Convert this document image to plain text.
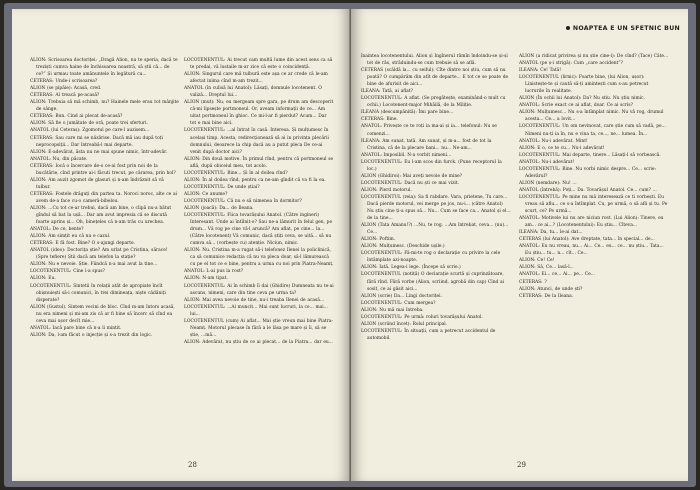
ALION: Scrisoarea doctoriței: „Dragă Alion, nu te speria, dacă te treziști cumva haine de închisoarea noastră, să știi că... de ce?” Și urmau toate amănuntele în legătură cu...

CETERAS: Unde-i scrisoarea?

ALION (se pipăie): Acasă, cred.

CETERAS: Al treacă pe-acasă?

ALION: Trebuia să mă schimb, nu? Hainele mele erau tot mânjite de sânge.

CETERAS: Bun. Cind ai plecat de-acasă?

ALION: Să fie o jumătate de oră, poate trei sferturi.

ANATOL (lui Ceteraș): Zgomotul pe care-l auzisem...

CETERAS: Sau care mi se năzărise. Dacă mă iau după toți neprocopsiții... Dar întreabă-l mai departe.

ALION: E-adevărat, ăsta nu ne mai spune nimic, într-adevăr.

ANATOL: Nu, din păcate.

CETERAS: Iocă o încercare de-o ce-ai fost prin noi de la bucătărie, cînd printre ai-i făcuti trecut, pe cărarea, prin hol?

ALION: Am auzit zgomot de glasuri și n-am îndrăznit să vă tulbur.

CETERAS: Fostele drăguți din partea ta. Noroci noroc, alte ce ai avem de-a face cu-o cameră-bibelou.

ALION: ...Cu tot ce-ar trebui, dacă am bine, o clipă nu-a bătut gîndul să bat la ușă... Dar am avut impresia că se discută foarte aprins și... Oh, binețeles că n-am trăs cu urechea.

ANATOL: De ce, bente?

ALION: Am simțit eu că nu e cazul.

CETERAS: E fă fost. Bine? O s-ajungi departe.

ANATOL (ideo): Doctorița știe? Am urlat pe Cristina, sărace! (Spre tefiere) Știi dacă am telefon la stație?

ALION: Nu e nevoie. Știe. Fiindcă n-a mai avut la tine...

LOCOTENENTUL: Cine l-a spus?

ALION: Eu.

LOCOTENENTUL: Sintetii în relații atât de apropiate încît obișnuiești să-i comunici, în trei dimineața, niște cădăniți disperate?

ALION (Gustul). Sintem vecini de bloc. Cînd m-am întors acasă, nu era nimeni și mi-am zis că ar fi bine să încerc să cînd ea ceva mai ușor decît mie...

ANATOL: Iacă pare bine că n-a li mintit.

ALION: Da, l-am făcut o injecție și s-a trezit din logic.

LOCOTENENTUL: Ai trecut cam multă lume din acest sens ca să te predai, vă lustaile m-ar zice că este o coincidență.

ALION: Singurul care mă tulbură este așa ce ar crede că le-am afectat inima cînd m-am trezit...

ANATOL (în culisă lui Anatol): Lăsați, domnule locotenent. O valiză... Dreptul lui...

ALION (mut): Nu, eu mergeam spre gara, pe drum am descoperit că-mi lipsește portmoneul. Or, aveam informații de ce... Am uitat portmoneul în ghioc. Ce mi-l-ar fi pierdut? Acum... Dar tot e mai bine aici.

LOCOTENENTUL: ...al întrat în casă. Interesa. Și mulțumesc în același timp. Acesta, redirecționează să ai in privința plecării domnului, deoarece la chip dacă au a putut pleca De ce-ai venit după doctor aici?

ALION: Din două motive. În primul rînd, pentru că portmoneul se află, după obiceiul meu, tot acolo.

LOCOTENENTUL: Bine... Și în al doilea rînd?

ALION: În al doilea rînd, pentru ca ne-am gîndit că va fi la ea.

LOCOTENENTUL: De unde știai?

ALION: Ce anume?

LOCOTENENTUL: Că nu e să nimenea în dormitor?

ALION (joacă): Da... de Ileana.

LOCOTENENTUL: Fiica tovarășului Anatol. (Către ingineri) Interesant. Unde ai întîlnit-o? Sau ne-a lămurit în felul gen, pe drum... Vă rog pe cine vă-l aruncă? Am aflat, pe cine... la... (Către locotenent) Vă comunic, dacă știți ceva, se uită... să nu cumva să... (vorbește cu) atenție. Niciun, nimic.

ALION: Nu. Cristina m-a rugat să-i telefonez Ilenei la policlinică, ca să comunice redacția că nu va pleca doar, să-l lămurească cu pe el tot ce e bine, pentru a urma cu noi prin Piatra-Neamț.

ANATOL: L-ai pus la rost?

ALION: N-am tipat.

LOCOTENENTUL: Ai în schimb îi dai (Ghidire) Dumneata nu te-ai ascuns, nimeni, care din tine ceva pe urma ta?

ALION: Mai avea nevoie de tine, nu-i treaba Ilenei de acasă...

LOCOTENENTUL: ...Ai muncit... Mai sunt lucruri, la ce... mai... lui...

LOCOTENENTUL (cum) Ai aflat... Mai știe vreun mai bine Piatra-Neamț. Motorul plecase în fără a le lăsa pe mare și îi, să se știe, ...mă...

ALION: Adevărat, nu știu de ce ai plecat... de la Piatra... dar eu...

28
NOAPTEA E UN SFETNIC BUN

înaintea locotenentului. Alion și Ingînerul rămîn îndoindu-se și-și tot de râs, străduindu-se cum trebuie să se află.

CETERAS (scăldă la... cu seiful): Cîte dintre noi știu, cum să nu poată? O cumpărăm din atît de departe... E tot ce se poate de bine de afurisit de aici...

ILEANA: Tată, ai aflat?

LOCOTENENTUL: A aflat. (Se pregătește, examinând-o mult cu ochii.) Locotenent-major Mihăilă, de la Miliție.

ILEANA (descumpănită): Îmi pare bine...

CETERAS: Bine.

ANATOL: Privește ce te roți ia ma-ai și ia... telefonul: Nu se comenzi...

ILEANA: Am sunat, tată. Am sunat, și m-a... fost de tot la Cristina, că de la plecare bani... nu... Ne-am...

ANATOL: Imposibil. N-a vorbit nimeni...

LOCOTENENTUL: Eu l-am scos din furck. (Pune receptorul la loc.)

ALION (Ghidiroi): Mai aveți nevoie de mine?

LOCOTENENTUL: Dacă nu ști ce mai vizit.

ALION: Pierd motorul.

LOCOTENENTUL (reia): Sa fi rabdare. Vara, prietene, Tu care... Dacă pierde motorul, vei merge pe jos, nu-i... (către Anatol) Nu știu cine ți-a spus să... Nu... Cum se face ca... Anatol și el... de la tine...

ALION (Tata Amanu!?) ...Nu, te rog. ...Am întrebat, ceva... (nu)... Ce...

ALION: Poftim.

ALION: Mulțumesc. (Deschide ușile.)

LOCOTENENTUL: Fă-mi-te rog o declarație cu privire la cele întâmplate azi-noapte.

ALION: Iată. Legea-i lege. (Începe să scrie.)

LOCOTENENTUL (notiță) O declarație scurtă și cuprinzătoare, fără rînd. Fără vorbe (Alion, scriind, agrobă din cap) Cînd ai sosit, ce ai găsit aici...

ALION (scrie) Da... Lingi doctoriței.

LOCOTENENTUL: Cum mergea?

ALION: Nu mă mai întreba.

LOCOTENENTUL: Pe urmă: roluri tovarășului Anatol.

ALION (scriind încet): Rolul principal.

LOCOTENENTUL: În situații, cum a petrecut accidentul de automobil.

ALION (a ridicat privirea și nu știe cine-i): De cînd? (Tace) Câte...

ANATOL (pe ș-i strigă): Cum „care accident”?

ILEANA: Ce! Tată!

LOCOTENENTUL (lirnic): Foarte bine, (lui Alion, ușor): Linistește-te și caută să-ți amintești cum s-au petrecut lucrurile în realitate.

ALION (În ochii lui Anatol): Da? Nu stiu. Nu știu nimic.

ANATOL: Scrie exact ce ai aflat, doar. Ce ai scris?

ALION: Mulțumesc... Nu s-a întîmplat nimic. Nu vă rog, drumul acesta... Ce... a lovit...

LOCOTENENTUL: Un om nevinovat, care știe cum să vadă, pe... Nimeni nu-ți ia în, nu e vina ta, ce..., ne... lumea. În...

ANATOL: Nu-i adevărat. Mint!

ALION: E o, ce te cu... Nu-i adevărat!

LOCOTENENTUL: Mai departe, tinere... Lăsați-l să vorbească.

ANATOL: Nu-i adevărat!

LOCOTENENTUL: Bine. Nu vorbi nimic despre... Ce... scrie: Adevărul?

ALION (nemdare): Nu! ...

ANATOL (întrebă): Poți... Da. Tovarășul Anatol. Ce... cum? ...

LOCOTENENTUL: Pe mine nu mă interesează ce ti vorbești. Eu vreau să aflu... ce s-a întîmplat. Cu, pe urmă, o să afli și tu. Pe scurt, ce? Pe urmă...

ANATOL: Motivele lui nu are niciun rost. (Lui Alion): Tinere, eu am... ce ai...? (Locotenentului): Eu știu... Cîteva...

ILEANA: Da, tu... le-ai dat...

CETERAS (lui Anatol): Ave dreptate, tata... în special... de...

ANATOL: Eu nu vreau, nu... Ai... Ce... eu... ce... nu știu... Tata... Eu știu... tu... n... cît... Ce...

ALION: Ce! Ce!

ALION: Să, Ce... lasă-l...

ANATOL: Ei... ce... Ai... pe... Ce...

CETERAS: ?

ALION: Atunci, de unde ști?

CETERAS: De la Ileana.

29
